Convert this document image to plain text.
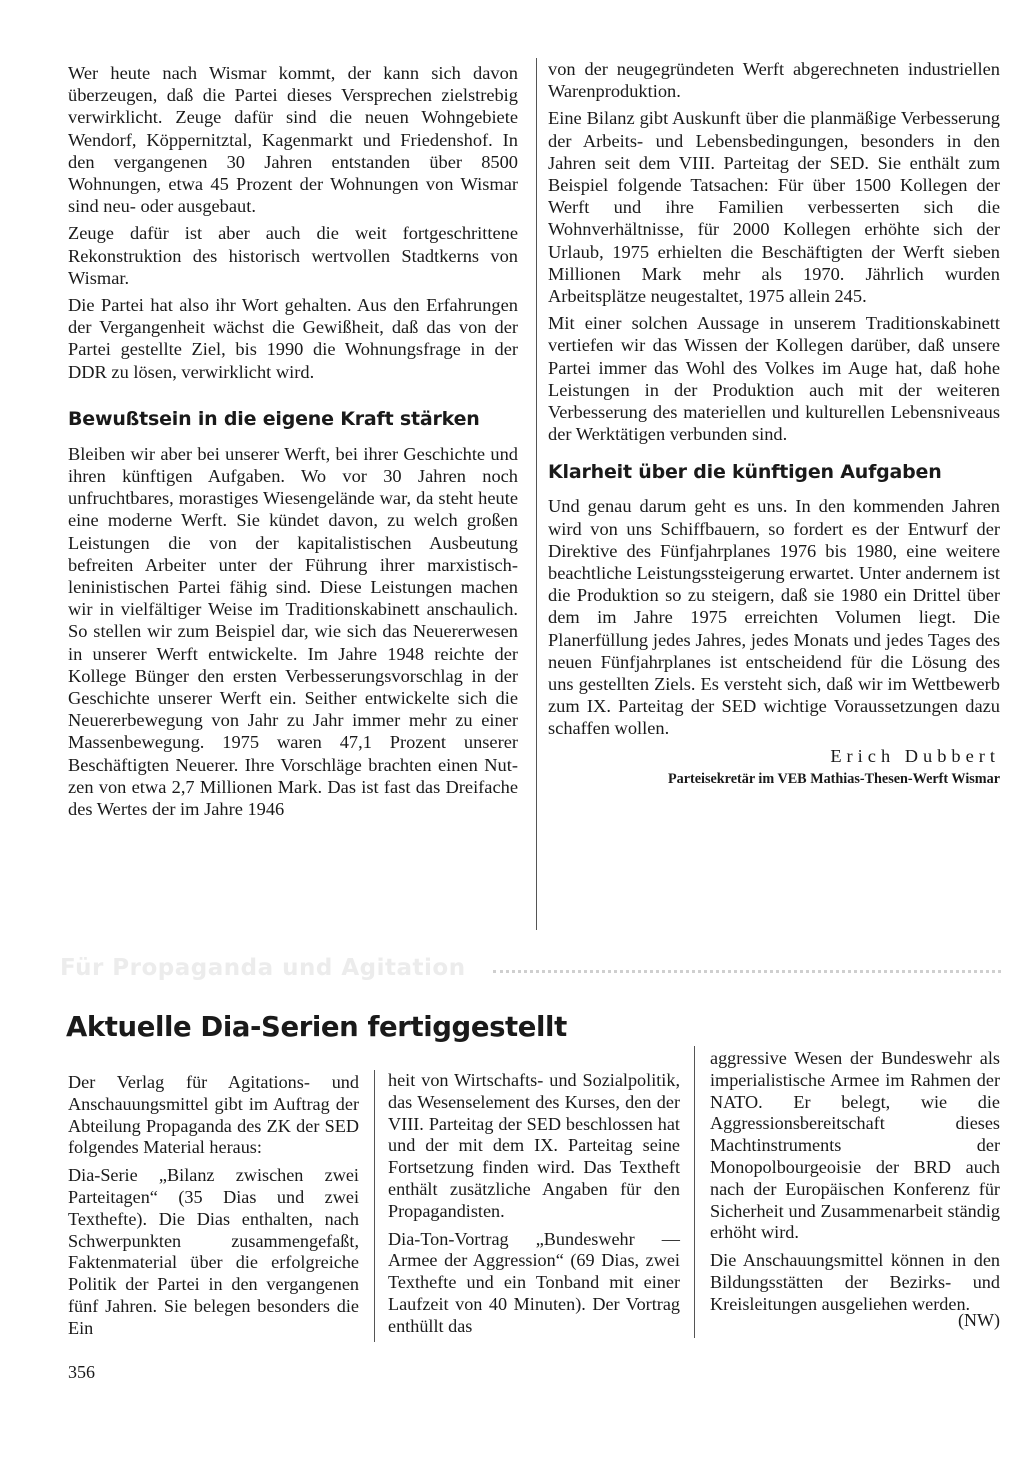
Wer heute nach Wismar kommt, der kann sich davon überzeugen, daß die Partei dieses Versprechen zielstrebig verwirklicht. Zeuge dafür sind die neuen Wohngebiete Wendorf, Köppernitztal, Kagenmarkt und Friedenshof. In den vergangenen 30 Jahren entstanden über 8500 Wohnungen, etwa 45 Prozent der Wohnungen von Wismar sind neu- oder ausgebaut.

Zeuge dafür ist aber auch die weit fortgeschrittene Rekonstruktion des historisch wertvollen Stadtkerns von Wismar.

Die Partei hat also ihr Wort gehalten. Aus den Erfahrungen der Vergangenheit wächst die Gewißheit, daß das von der Partei gestellte Ziel, bis 1990 die Wohnungsfrage in der DDR zu lösen, verwirklicht wird.

Bewußtsein in die eigene Kraft stärken

Bleiben wir aber bei unserer Werft, bei ihrer Geschichte und ihren künftigen Aufgaben. Wo vor 30 Jahren noch unfruchtbares, morastiges Wiesengelände war, da steht heute eine moderne Werft. Sie kündet davon, zu welch großen Leistungen die von der kapitalistischen Ausbeutung befreiten Arbeiter unter der Führung ihrer marxistisch-leninistischen Partei fähig sind. Diese Leistungen machen wir in vielfältiger Weise im Traditionskabinett anschaulich. So stellen wir zum Beispiel dar, wie sich das Neuererwesen in unserer Werft entwickelte. Im Jahre 1948 reichte der Kollege Bünger den ersten Verbesserungsvorschlag in der Geschichte unserer Werft ein. Seither entwickelte sich die Neuererbewegung von Jahr zu Jahr immer mehr zu einer Massenbewegung. 1975 waren 47,1 Prozent unserer Beschäftigten Neuerer. Ihre Vorschläge brachten einen Nutzen von etwa 2,7 Millionen Mark. Das ist fast das Dreifache des Wertes der im Jahre 1946

von der neugegründeten Werft abgerechneten industriellen Warenproduktion.

Eine Bilanz gibt Auskunft über die planmäßige Verbesserung der Arbeits- und Lebensbedingungen, besonders in den Jahren seit dem VIII. Parteitag der SED. Sie enthält zum Beispiel folgende Tatsachen: Für über 1500 Kollegen der Werft und ihre Familien verbesserten sich die Wohnverhältnisse, für 2000 Kollegen erhöhte sich der Urlaub, 1975 erhielten die Beschäftigten der Werft sieben Millionen Mark mehr als 1970. Jährlich wurden Arbeitsplätze neugestaltet, 1975 allein 245.

Mit einer solchen Aussage in unserem Traditionskabinett vertiefen wir das Wissen der Kollegen darüber, daß unsere Partei immer das Wohl des Volkes im Auge hat, daß hohe Leistungen in der Produktion auch mit der weiteren Verbesserung des materiellen und kulturellen Lebensniveaus der Werktätigen verbunden sind.

Klarheit über die künftigen Aufgaben

Und genau darum geht es uns. In den kommenden Jahren wird von uns Schiffbauern, so fordert es der Entwurf der Direktive des Fünfjahrplanes 1976 bis 1980, eine weitere beachtliche Leistungssteigerung erwartet. Unter andernem ist die Produktion so zu steigern, daß sie 1980 ein Drittel über dem im Jahre 1975 erreichten Volumen liegt. Die Planerfüllung jedes Jahres, jedes Monats und jedes Tages des neuen Fünfjahrplanes ist entscheidend für die Lösung des uns gestellten Ziels. Es versteht sich, daß wir im Wettbewerb zum IX. Parteitag der SED wichtige Voraussetzungen dazu schaffen wollen.

Erich Dubbert
Parteisekretär im VEB Mathias-Thesen-Werft Wismar
Für Propaganda und Agitation
Aktuelle Dia-Serien fertiggestellt

Der Verlag für Agitations- und Anschauungsmittel gibt im Auftrag der Abteilung Propaganda des ZK der SED folgendes Material heraus:

Dia-Serie „Bilanz zwischen zwei Parteitagen“ (35 Dias und zwei Texthefte). Die Dias enthalten, nach Schwerpunkten zusammengefaßt, Faktenmaterial über die erfolgreiche Politik der Partei in den vergangenen fünf Jahren. Sie belegen besonders die Ein

heit von Wirtschafts- und Sozialpolitik, das Wesenselement des Kurses, den der VIII. Parteitag der SED beschlossen hat und der mit dem IX. Parteitag seine Fortsetzung finden wird. Das Textheft enthält zusätzliche Angaben für den Propagandisten.

Dia-Ton-Vortrag „Bundeswehr — Armee der Aggression“ (69 Dias, zwei Texthefte und ein Tonband mit einer Laufzeit von 40 Minuten). Der Vortrag enthüllt das

aggressive Wesen der Bundeswehr als imperialistische Armee im Rahmen der NATO. Er belegt, wie die Aggressionsbereitschaft dieses Machtinstruments der Monopolbourgeoisie der BRD auch nach der Europäischen Konferenz für Sicherheit und Zusammenarbeit ständig erhöht wird.

Die Anschauungsmittel können in den Bildungsstätten der Bezirks- und Kreisleitungen ausgeliehen werden.

(NW)
356
